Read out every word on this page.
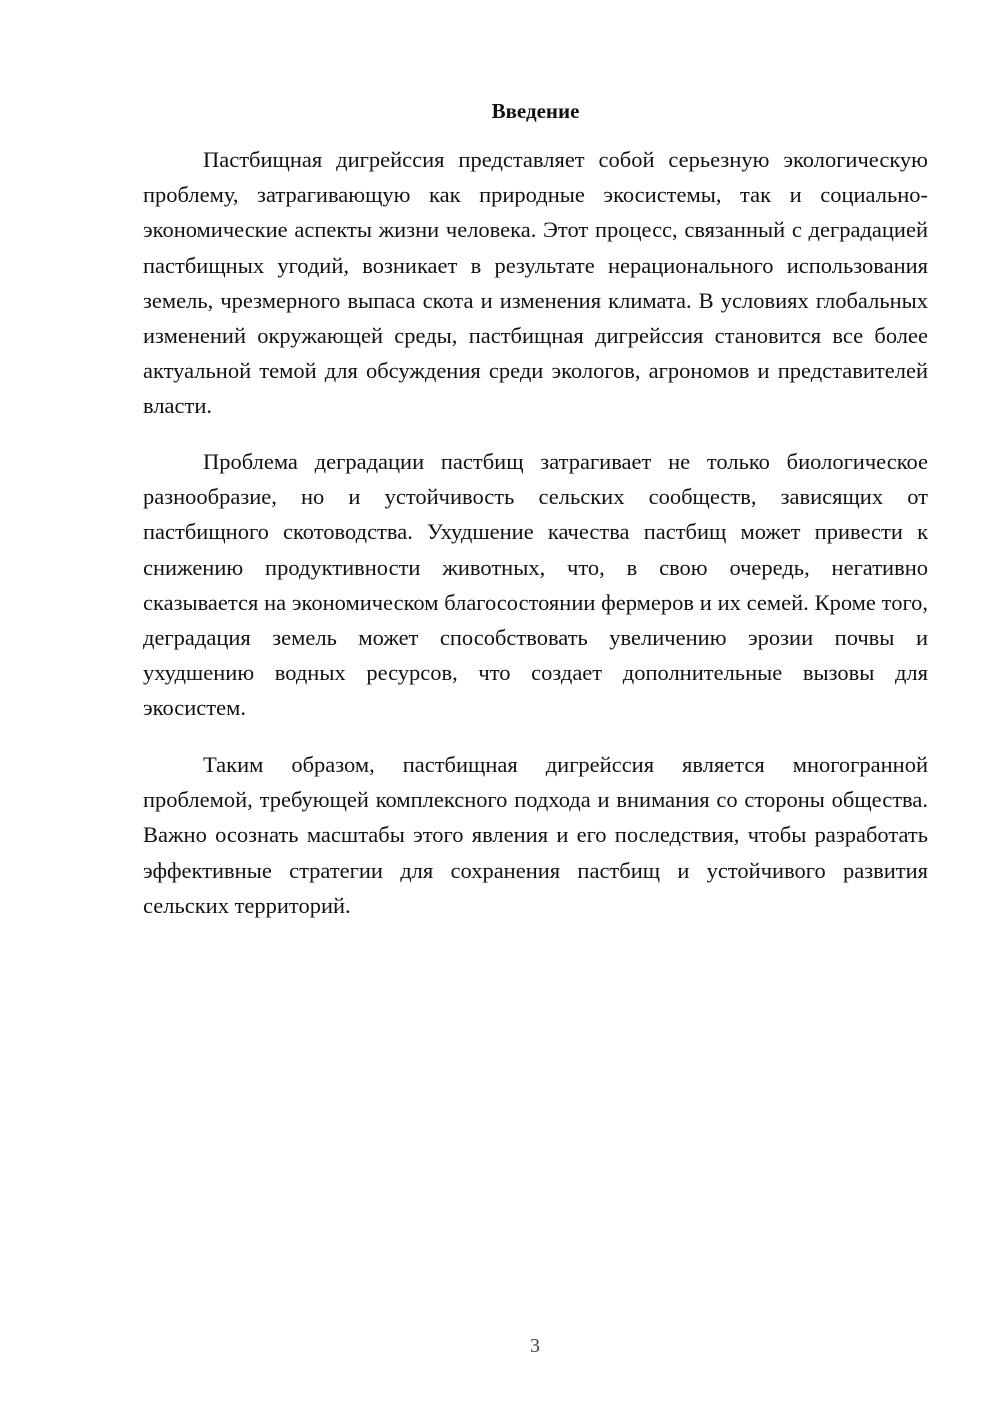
Введение

Пастбищная дигрейссия представляет собой серьезную экологическую проблему, затрагивающую как природные экосистемы, так и социально-экономические аспекты жизни человека. Этот процесс, связанный с деградацией пастбищных угодий, возникает в результате нерационального использования земель, чрезмерного выпаса скота и изменения климата. В условиях глобальных изменений окружающей среды, пастбищная дигрейссия становится все более актуальной темой для обсуждения среди экологов, агрономов и представителей власти.

Проблема деградации пастбищ затрагивает не только биологическое разнообразие, но и устойчивость сельских сообществ, зависящих от пастбищного скотоводства. Ухудшение качества пастбищ может привести к снижению продуктивности животных, что, в свою очередь, негативно сказывается на экономическом благосостоянии фермеров и их семей. Кроме того, деградация земель может способствовать увеличению эрозии почвы и ухудшению водных ресурсов, что создает дополнительные вызовы для экосистем.

Таким образом, пастбищная дигрейссия является многогранной проблемой, требующей комплексного подхода и внимания со стороны общества. Важно осознать масштабы этого явления и его последствия, чтобы разработать эффективные стратегии для сохранения пастбищ и устойчивого развития сельских территорий.

3
